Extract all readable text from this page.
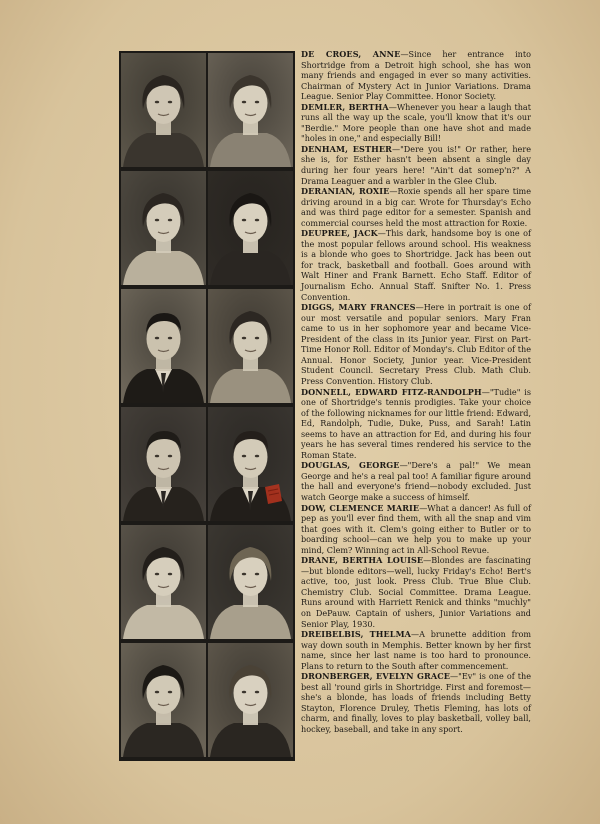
DE CROES, ANNE—Since her entrance into Shortridge from a Detroit high school, she has won many friends and engaged in ever so many activities. Chairman of Mystery Act in Junior Variations. Drama League. Senior Play Committee. Honor Society.

DEMLER, BERTHA—Whenever you hear a laugh that runs all the way up the scale, you'll know that it's our "Berdie." More people than one have shot and made "holes in one," and especially Bill!

DENHAM, ESTHER—"Dere you is!" Or rather, here she is, for Esther hasn't been absent a single day during her four years here! "Ain't dat somep'n?" A Drama Leaguer and a warbler in the Glee Club.

DERANIAN, ROXIE—Roxie spends all her spare time driving around in a big car. Wrote for Thursday's Echo and was third page editor for a semester. Spanish and commercial courses held the most attraction for Roxie.

DEUPREE, JACK—This dark, handsome boy is one of the most popular fellows around school. His weakness is a blonde who goes to Shortridge. Jack has been out for track, basketball and football. Goes around with Walt Hiner and Frank Barnett. Echo Staff. Editor of Journalism Echo. Annual Staff. Snifter No. 1. Press Convention.

DIGGS, MARY FRANCES—Here in portrait is one of our most versatile and popular seniors. Mary Fran came to us in her sophomore year and became Vice-President of the class in its Junior year. First on Part-Time Honor Roll. Editor of Monday's. Club Editor of the Annual. Honor Society, Junior year. Vice-President Student Council. Secretary Press Club. Math Club. Press Convention. History Club.

DONNELL, EDWARD FITZ-RANDOLPH—"Tudie" is one of Shortridge's tennis prodigies. Take your choice of the following nicknames for our little friend: Edward, Ed, Randolph, Tudie, Duke, Puss, and Sarah! Latin seems to have an attraction for Ed, and during his four years he has several times rendered his service to the Roman State.

DOUGLAS, GEORGE—"Dere's a pal!" We mean George and he's a real pal too! A familiar figure around the hall and everyone's friend—nobody excluded. Just watch George make a success of himself.

DOW, CLEMENCE MARIE—What a dancer! As full of pep as you'll ever find them, with all the snap and vim that goes with it. Clem's going either to Butler or to boarding school—can we help you to make up your mind, Clem? Winning act in All-School Revue.

DRANE, BERTHA LOUISE—Blondes are fascinating—but blonde editors—well, lucky Friday's Echo! Bert's active, too, just look. Press Club. True Blue Club. Chemistry Club. Social Committee. Drama League. Runs around with Harriett Renick and thinks "muchly" on DePauw. Captain of ushers, Junior Variations and Senior Play, 1930.

DREIBELBIS, THELMA—A brunette addition from way down south in Memphis. Better known by her first name, since her last name is too hard to pronounce. Plans to return to the South after commencement.

DRONBERGER, EVELYN GRACE—"Ev" is one of the best all 'round girls in Shortridge. First and foremost—she's a blonde, has loads of friends including Betty Stayton, Florence Druley, Thetis Fleming, has lots of charm, and finally, loves to play basketball, volley ball, hockey, baseball, and take in any sport.
